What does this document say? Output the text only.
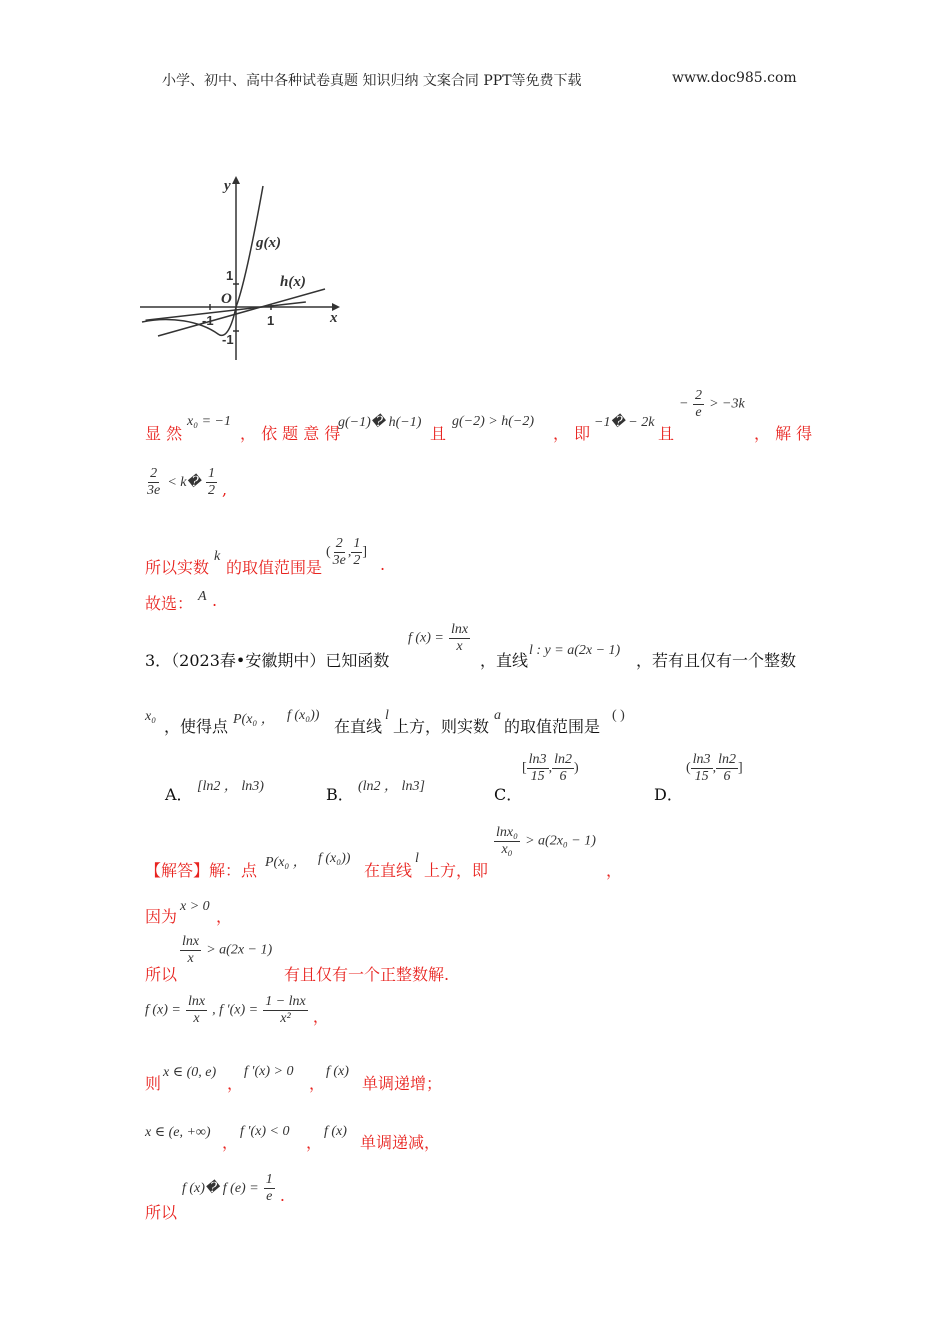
小学、初中、高中各种试卷真题 知识归纳 文案合同 PPT等免费下载	www.doc985.com
y
x
O
g(x)
h(x)
-1	1
1
-1
显 然
x₀ = −1
， 依 题 意 得
g(−1)� h(−1)
且
g(−2) > h(−2)
， 即
−1� − 2k
且
− $\frac{2}{e} > -3k$
， 解 得
$\frac{2}{3e}$ < k� $\frac{1}{2}$ ,
所以实数
k
的取值范围是
( $\frac{2}{3e}$ , $\frac{1}{2}$ ]
.
故选： A .
3．（2023春•安徽期中）已知函数
f $(x) = \frac{\ln x}{x}$
，直线
l : y = a(2x − 1)
，若有且仅有一个整数
x₀
，使得点 P(x₀ ， f (x₀))
在直线
l
上方，则实数
a
的取值范围是
( )
A． [ln2 ， ln3)	B． (ln2 ， ln3]	C．
[ $\frac{\ln 3}{15}$ , $\frac{\ln 2}{6}$ )
D．
( $\frac{\ln 3}{15}$ , $\frac{\ln 2}{6}$ ]
【解答】解：点 P(x₀ ， f (x₀))
在直线
l
上方，即
$\frac{\text{lnx₀}}{\text{x₀}} > a(2x_0 - 1)$
，
因为
x > 0
，
所以
$\frac{\ln x}{x} > a(2x - 1)$
有且仅有一个正整数解.
f $(x) = \frac{\ln x}{x}$ , f $'(x) = \frac{1 - \ln x}{\text{x²}}$ ，
则
x ∈ (0, e)
，
f ′(x) > 0
，
f (x)
单调递增；
x ∈ (e, +∞)
，
f ′(x) < 0
，
f (x)
单调递减，
所以
f (x)� f $(e) = \frac{1}{e}$ .
